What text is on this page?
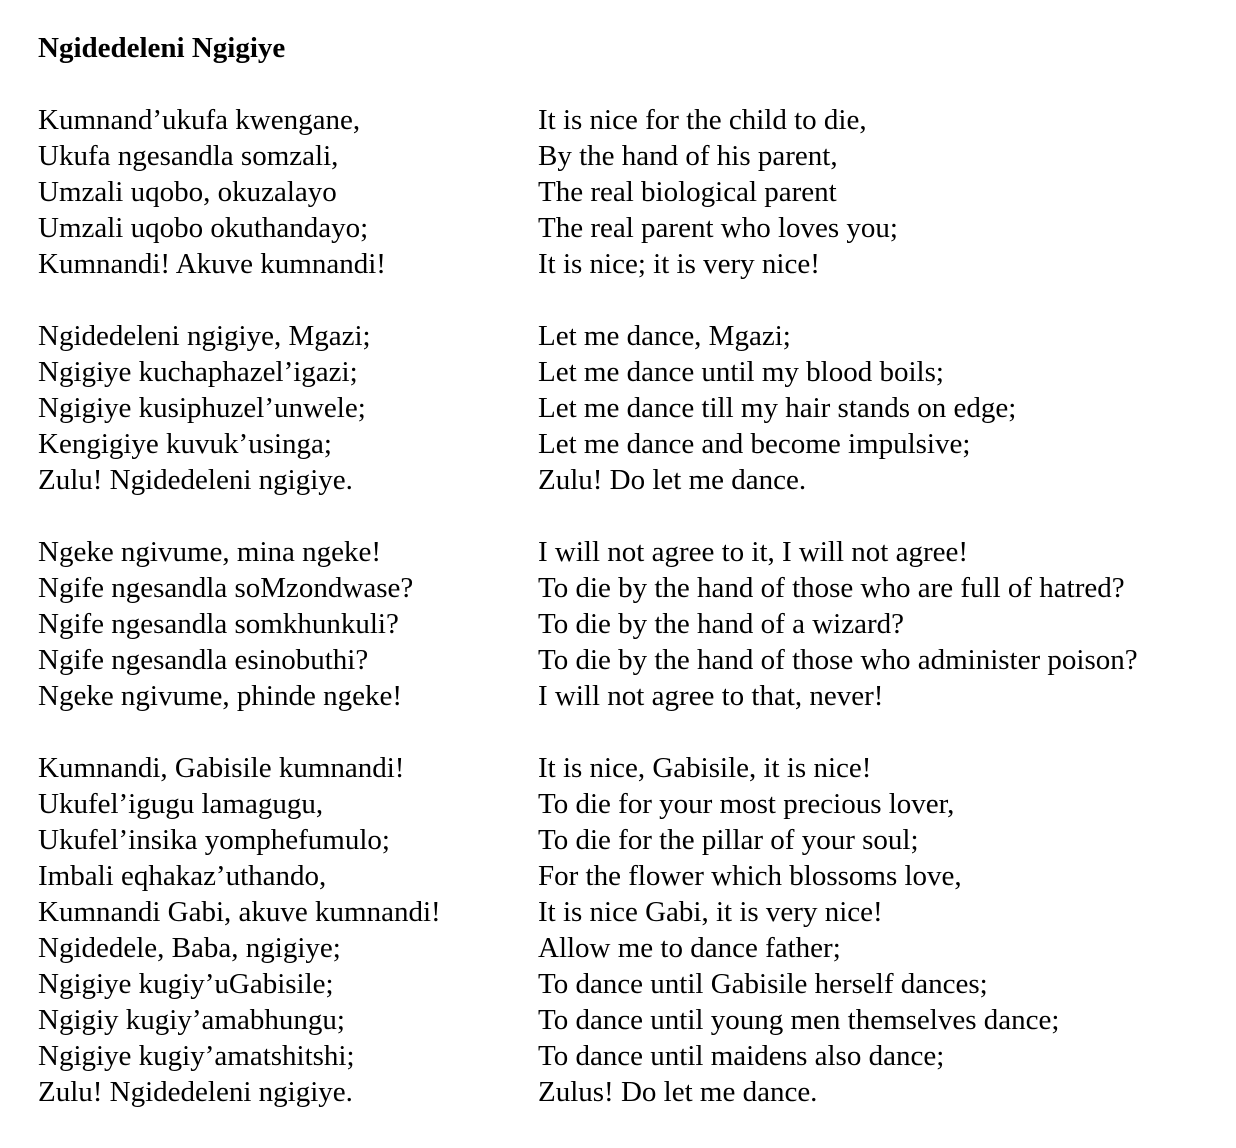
Ngidedeleni Ngigiye
Kumnand’ukufa kwengane,	It is nice for the child to die,
Ukufa ngesandla somzali,	By the hand of his parent,
Umzali uqobo, okuzalayo	The real biological parent
Umzali uqobo okuthandayo;	The real parent who loves you;
Kumnandi! Akuve kumnandi!	It is nice; it is very nice!
Ngidedeleni ngigiye, Mgazi;	Let me dance, Mgazi;
Ngigiye kuchaphazel’igazi;	Let me dance until my blood boils;
Ngigiye kusiphuzel’unwele;	Let me dance till my hair stands on edge;
Kengigiye kuvuk’usinga;	Let me dance and become impulsive;
Zulu! Ngidedeleni ngigiye.	Zulu! Do let me dance.
Ngeke ngivume, mina ngeke!	I will not agree to it, I will not agree!
Ngife ngesandla soMzondwase?	To die by the hand of those who are full of hatred?
Ngife ngesandla somkhunkuli?	To die by the hand of a wizard?
Ngife ngesandla esinobuthi?	To die by the hand of those who administer poison?
Ngeke ngivume, phinde ngeke!	I will not agree to that, never!
Kumnandi, Gabisile kumnandi!	It is nice, Gabisile, it is nice!
Ukufel’igugu lamagugu,	To die for your most precious lover,
Ukufel’insika yomphefumulo;	To die for the pillar of your soul;
Imbali eqhakaz’uthando,	For the flower which blossoms love,
Kumnandi Gabi, akuve kumnandi!	It is nice Gabi, it is very nice!
Ngidedele, Baba, ngigiye;	Allow me to dance father;
Ngigiye kugiy’uGabisile;	To dance until Gabisile herself dances;
Ngigiy kugiy’amabhungu;	To dance until young men themselves dance;
Ngigiye kugiy’amatshitshi;	To dance until maidens also dance;
Zulu! Ngidedeleni ngigiye.	Zulus! Do let me dance.
